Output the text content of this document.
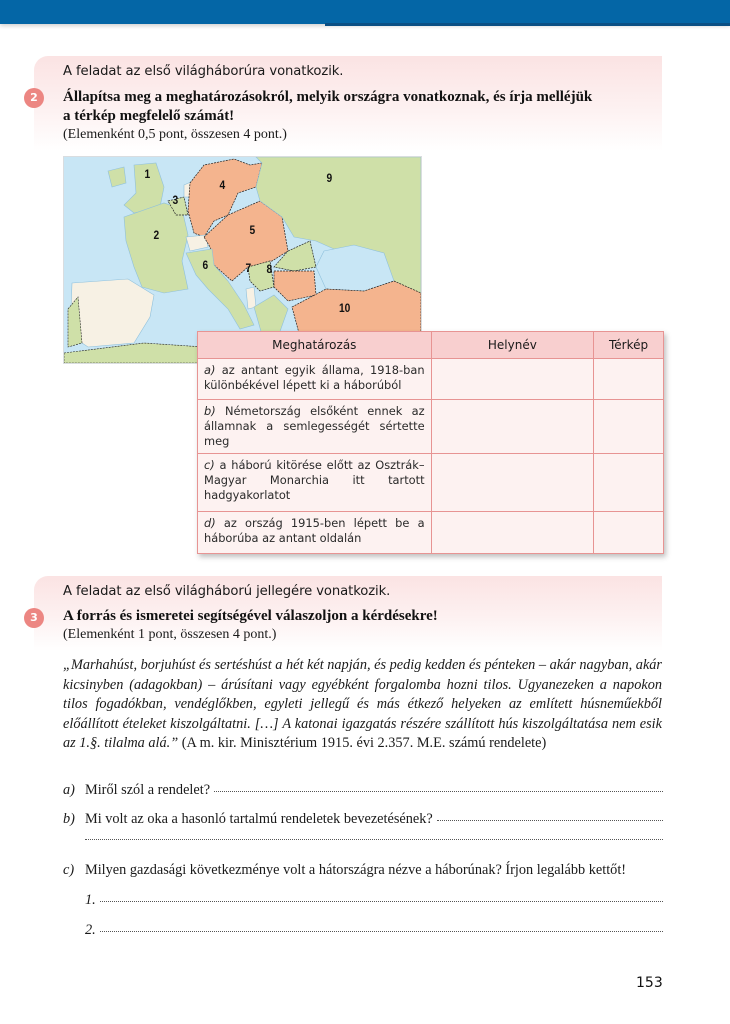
2
A feladat az első világháborúra vonatkozik.
Állapítsa meg a meghatározásokról, melyik országra vonatkoznak, és írja melléjük
a térkép megfelelő számát!
(Elemenként 0,5 pont, összesen 4 pont.)
1
2
3
4
5
6	7 8
9
10
Meghatározás	Helynév	Térkép
a) az antant egyik állama, 1918-ban különbékével lépett ki a háborúból		
b) Németország elsőként ennek az államnak a semlegességét sértette meg		
c) a háború kitörése előtt az Osztrák–Magyar Monarchia itt tartott hadgyakorlatot		
d) az ország 1915-ben lépett be a háborúba az antant oldalán		
3
A feladat az első világháború jellegére vonatkozik.
A forrás és ismeretei segítségével válaszoljon a kérdésekre!
(Elemenként 1 pont, összesen 4 pont.)
„Marhahúst, borjuhúst és sertéshúst a hét két napján, és pedig kedden és pénteken – akár nagyban, akár kicsinyben (adagokban) – árúsítani vagy egyébként forgalomba hozni tilos. Ugyanezeken a napokon tilos fogadókban, vendéglőkben, egyleti jellegű és más étkező helyeken az említett húsneműekből előállított ételeket kiszolgáltatni. […] A katonai igazgatás részére szállított hús kiszolgáltatása nem esik az 1.§. tilalma alá.” (A m. kir. Minisztérium 1915. évi 2.357. M.E. számú rendelete)
a) Miről szól a rendelet?
b) Mi volt az oka a hasonló tartalmú rendeletek bevezetésének?
c) Milyen gazdasági következménye volt a hátországra nézve a háborúnak? Írjon legalább kettőt!
1.
2.
153
